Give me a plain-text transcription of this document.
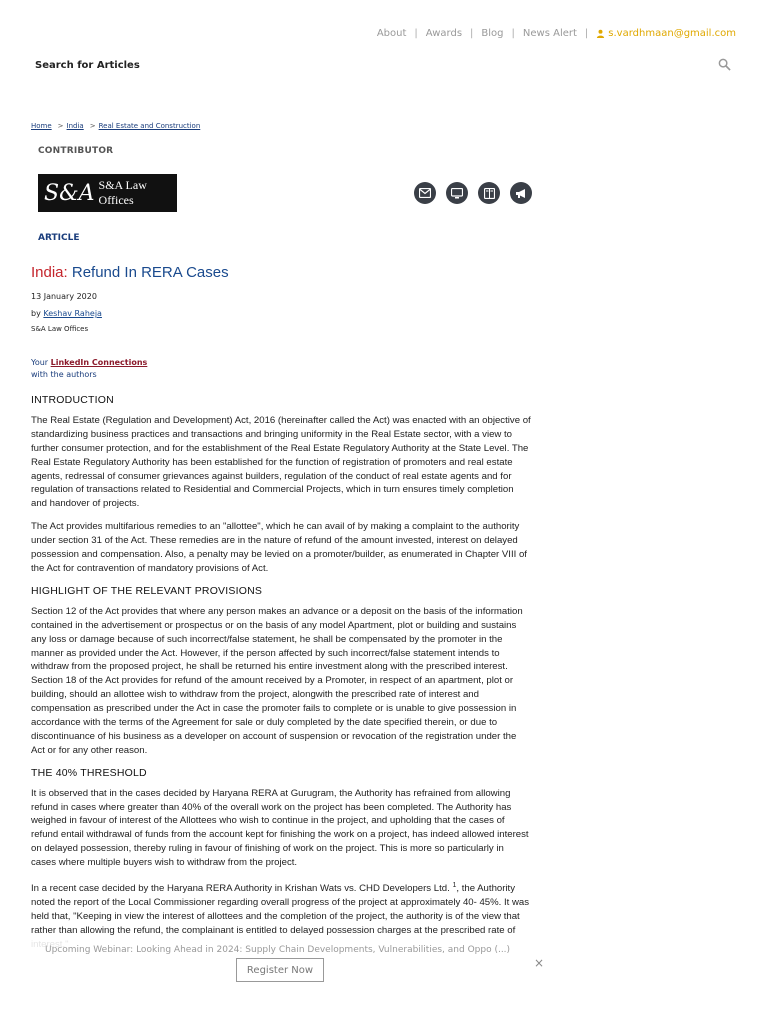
About | Awards | Blog | News Alert | s.vardhmaan@gmail.com
Search for Articles
Home > India > Real Estate and Construction
CONTRIBUTOR
S&A S&A Law Offices
ARTICLE
India: Refund In RERA Cases
13 January 2020
by Keshav Raheja
S&A Law Offices
Your LinkedIn Connections
with the authors
INTRODUCTION

The Real Estate (Regulation and Development) Act, 2016 (hereinafter called the Act) was enacted with an objective of standardizing business practices and transactions and bringing uniformity in the Real Estate sector, with a view to further consumer protection, and for the establishment of the Real Estate Regulatory Authority at the State Level. The Real Estate Regulatory Authority has been established for the function of registration of promoters and real estate agents, redressal of consumer grievances against builders, regulation of the conduct of real estate agents and for regulation of transactions related to Residential and Commercial Projects, which in turn ensures timely completion and handover of projects.

The Act provides multifarious remedies to an "allottee", which he can avail of by making a complaint to the authority under section 31 of the Act. These remedies are in the nature of refund of the amount invested, interest on delayed possession and compensation. Also, a penalty may be levied on a promoter/builder, as enumerated in Chapter VIII of the Act for contravention of mandatory provisions of Act.

HIGHLIGHT OF THE RELEVANT PROVISIONS

Section 12 of the Act provides that where any person makes an advance or a deposit on the basis of the information contained in the advertisement or prospectus or on the basis of any model Apartment, plot or building and sustains any loss or damage because of such incorrect/false statement, he shall be compensated by the promoter in the manner as provided under the Act. However, if the person affected by such incorrect/false statement intends to withdraw from the proposed project, he shall be returned his entire investment along with the prescribed interest. Section 18 of the Act provides for refund of the amount received by a Promoter, in respect of an apartment, plot or building, should an allottee wish to withdraw from the project, alongwith the prescribed rate of interest and compensation as prescribed under the Act in case the promoter fails to complete or is unable to give possession in accordance with the terms of the Agreement for sale or duly completed by the date specified therein, or due to discontinuance of his business as a developer on account of suspension or revocation of the registration under the Act or for any other reason.

THE 40% THRESHOLD

It is observed that in the cases decided by Haryana RERA at Gurugram, the Authority has refrained from allowing refund in cases where greater than 40% of the overall work on the project has been completed. The Authority has weighed in favour of interest of the Allottees who wish to continue in the project, and upholding that the cases of refund entail withdrawal of funds from the account kept for finishing the work on a project, has indeed allowed interest on delayed possession, thereby ruling in favour of finishing of work on the project. This is more so particularly in cases where multiple buyers wish to withdraw from the project.

In a recent case decided by the Haryana RERA Authority in Krishan Wats vs. CHD Developers Ltd. $^1$, the Authority noted the report of the Local Commissioner regarding overall progress of the project at approximately 40- 45%. It was held that, "Keeping in view the interest of allottees and the completion of the project, the authority is of the view that rather than allowing the refund, the complainant is entitled to delayed possession charges at the prescribed rate of

Upcoming Webinar: Looking Ahead in 2024: Supply Chain Developments, Vulnerabilities, and Oppo (...)
Register Now	×
